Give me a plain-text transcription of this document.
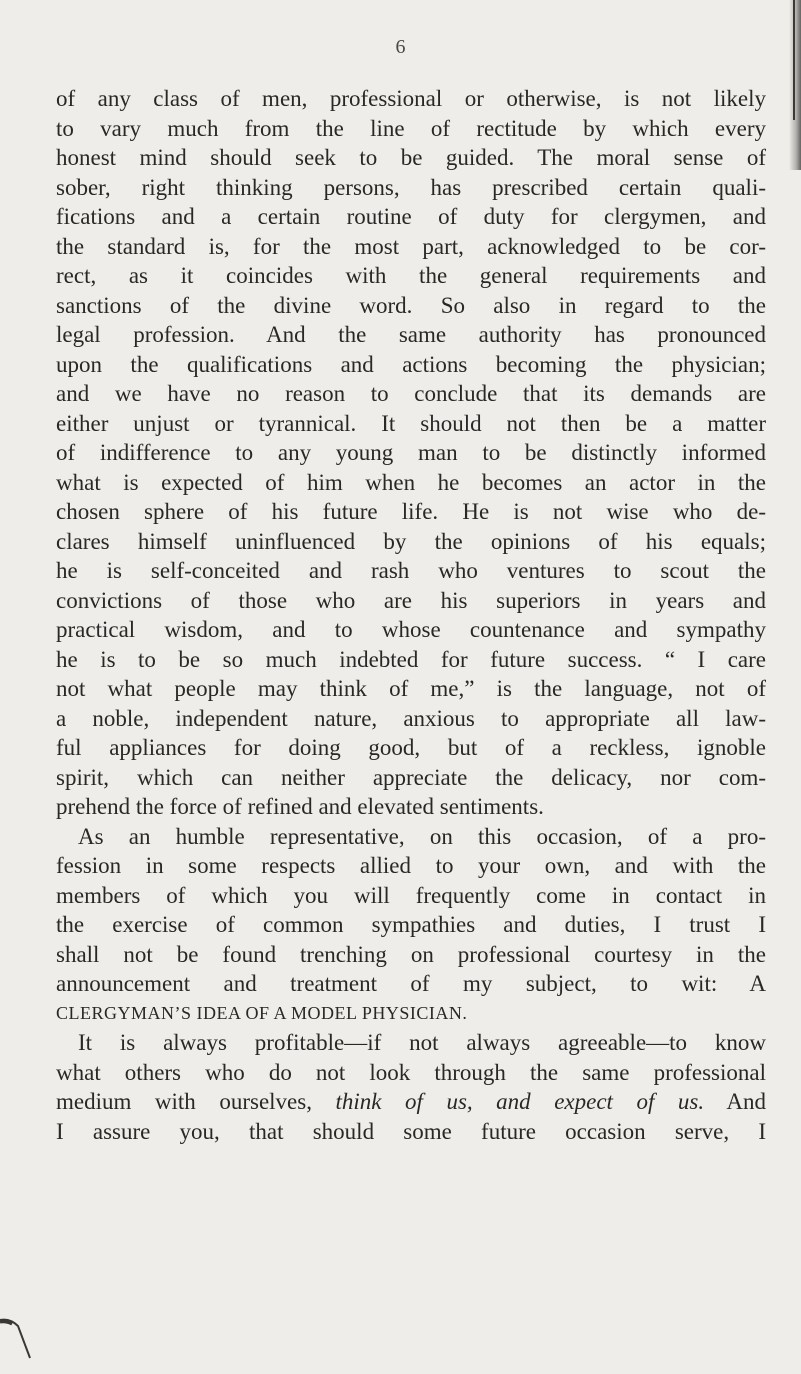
6
of any class of men, professional or otherwise, is not likely
to vary much from the line of rectitude by which every
honest mind should seek to be guided. The moral sense of
sober, right thinking persons, has prescribed certain quali-
fications and a certain routine of duty for clergymen, and
the standard is, for the most part, acknowledged to be cor-
rect, as it coincides with the general requirements and
sanctions of the divine word. So also in regard to the
legal profession. And the same authority has pronounced
upon the qualifications and actions becoming the physician;
and we have no reason to conclude that its demands are
either unjust or tyrannical. It should not then be a matter
of indifference to any young man to be distinctly informed
what is expected of him when he becomes an actor in the
chosen sphere of his future life. He is not wise who de-
clares himself uninfluenced by the opinions of his equals;
he is self-conceited and rash who ventures to scout the
convictions of those who are his superiors in years and
practical wisdom, and to whose countenance and sympathy
he is to be so much indebted for future success. “ I care
not what people may think of me,” is the language, not of
a noble, independent nature, anxious to appropriate all law-
ful appliances for doing good, but of a reckless, ignoble
spirit, which can neither appreciate the delicacy, nor com-
prehend the force of refined and elevated sentiments.
As an humble representative, on this occasion, of a pro-
fession in some respects allied to your own, and with the
members of which you will frequently come in contact in
the exercise of common sympathies and duties, I trust I
shall not be found trenching on professional courtesy in the
announcement and treatment of my subject, to wit: A
CLERGYMAN’S IDEA OF A MODEL PHYSICIAN.
It is always profitable—if not always agreeable—to know
what others who do not look through the same professional
medium with ourselves, think of us, and expect of us. And
I assure you, that should some future occasion serve, I
